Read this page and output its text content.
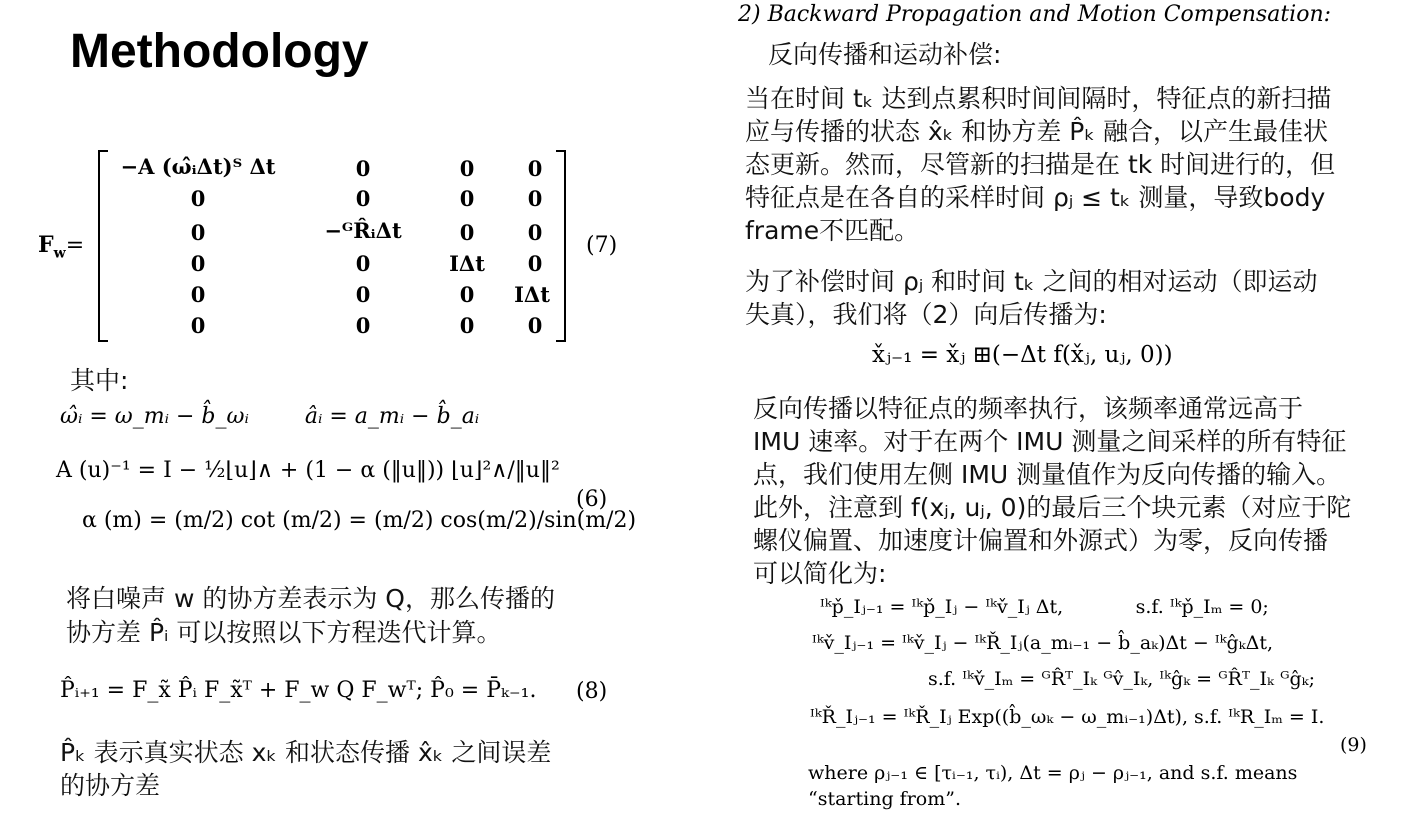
Methodology
$F_w=$
−A (ω̂ᵢΔt)ᵀ Δt	0	0	0
0	0	0	0
0	−ᴳR̂ᵢΔt	0	0
0	0	IΔt	0
0	0	0	IΔt
0	0	0	0
(7)
其中:
ω̂ᵢ = ω_mᵢ − b̂_ωᵢ        âᵢ = a_mᵢ − b̂_aᵢ
A (u)⁻¹ = I − ½⌊u⌋∧ + (1 − α (‖u‖)) ⌊u⌋²∧/‖u‖²
α (m) = (m/2) cot (m/2) = (m/2) cos(m/2)/sin(m/2)
(6)
将白噪声 w 的协方差表示为 Q，那么传播的
协方差 P̂ᵢ 可以按照以下方程迭代计算。
P̂ᵢ₊₁ = F_x̃ P̂ᵢ F_x̃ᵀ + F_w Q F_wᵀ; P̂₀ = P̄ₖ₋₁. (8)
P̂ₖ 表示真实状态 xₖ 和状态传播 x̂ₖ 之间误差
的协方差
2) Backward Propagation and Motion Compensation:
反向传播和运动补偿:
当在时间 tₖ 达到点累积时间间隔时，特征点的新扫描
应与传播的状态 x̂ₖ 和协方差 P̂ₖ 融合，以产生最佳状
态更新。然而，尽管新的扫描是在 tk 时间进行的，但
特征点是在各自的采样时间 ρⱼ ≤ tₖ 测量，导致body
frame不匹配。
为了补偿时间 ρⱼ 和时间 tₖ 之间的相对运动（即运动
失真），我们将（2）向后传播为:
x̌ⱼ₋₁ = x̌ⱼ ⊞(−Δt f(x̌ⱼ, uⱼ, 0))
反向传播以特征点的频率执行，该频率通常远高于
IMU 速率。对于在两个 IMU 测量之间采样的所有特征
点，我们使用左侧 IMU 测量值作为反向传播的输入。
此外，注意到 f(xⱼ, uⱼ, 0)的最后三个块元素（对应于陀
螺仪偏置、加速度计偏置和外源式）为零，反向传播
可以简化为:
ᴵᵏp̌_Iⱼ₋₁ = ᴵᵏp̌_Iⱼ − ᴵᵏv̌_Iⱼ Δt,            s.f. ᴵᵏp̌_Iₘ = 0;
ᴵᵏv̌_Iⱼ₋₁ = ᴵᵏv̌_Iⱼ − ᴵᵏŘ_Iⱼ(a_mᵢ₋₁ − b̂_aₖ)Δt − ᴵᵏĝₖΔt,
s.f. ᴵᵏv̌_Iₘ = ᴳR̂ᵀ_Iₖ ᴳv̂_Iₖ, ᴵᵏĝₖ = ᴳR̂ᵀ_Iₖ ᴳĝₖ;
ᴵᵏŘ_Iⱼ₋₁ = ᴵᵏŘ_Iⱼ Exp((b̂_ωₖ − ω_mᵢ₋₁)Δt), s.f. ᴵᵏR_Iₘ = I.
(9)
where ρⱼ₋₁ ∈ [τᵢ₋₁, τᵢ), Δt = ρⱼ − ρⱼ₋₁, and s.f. means
“starting from”.
